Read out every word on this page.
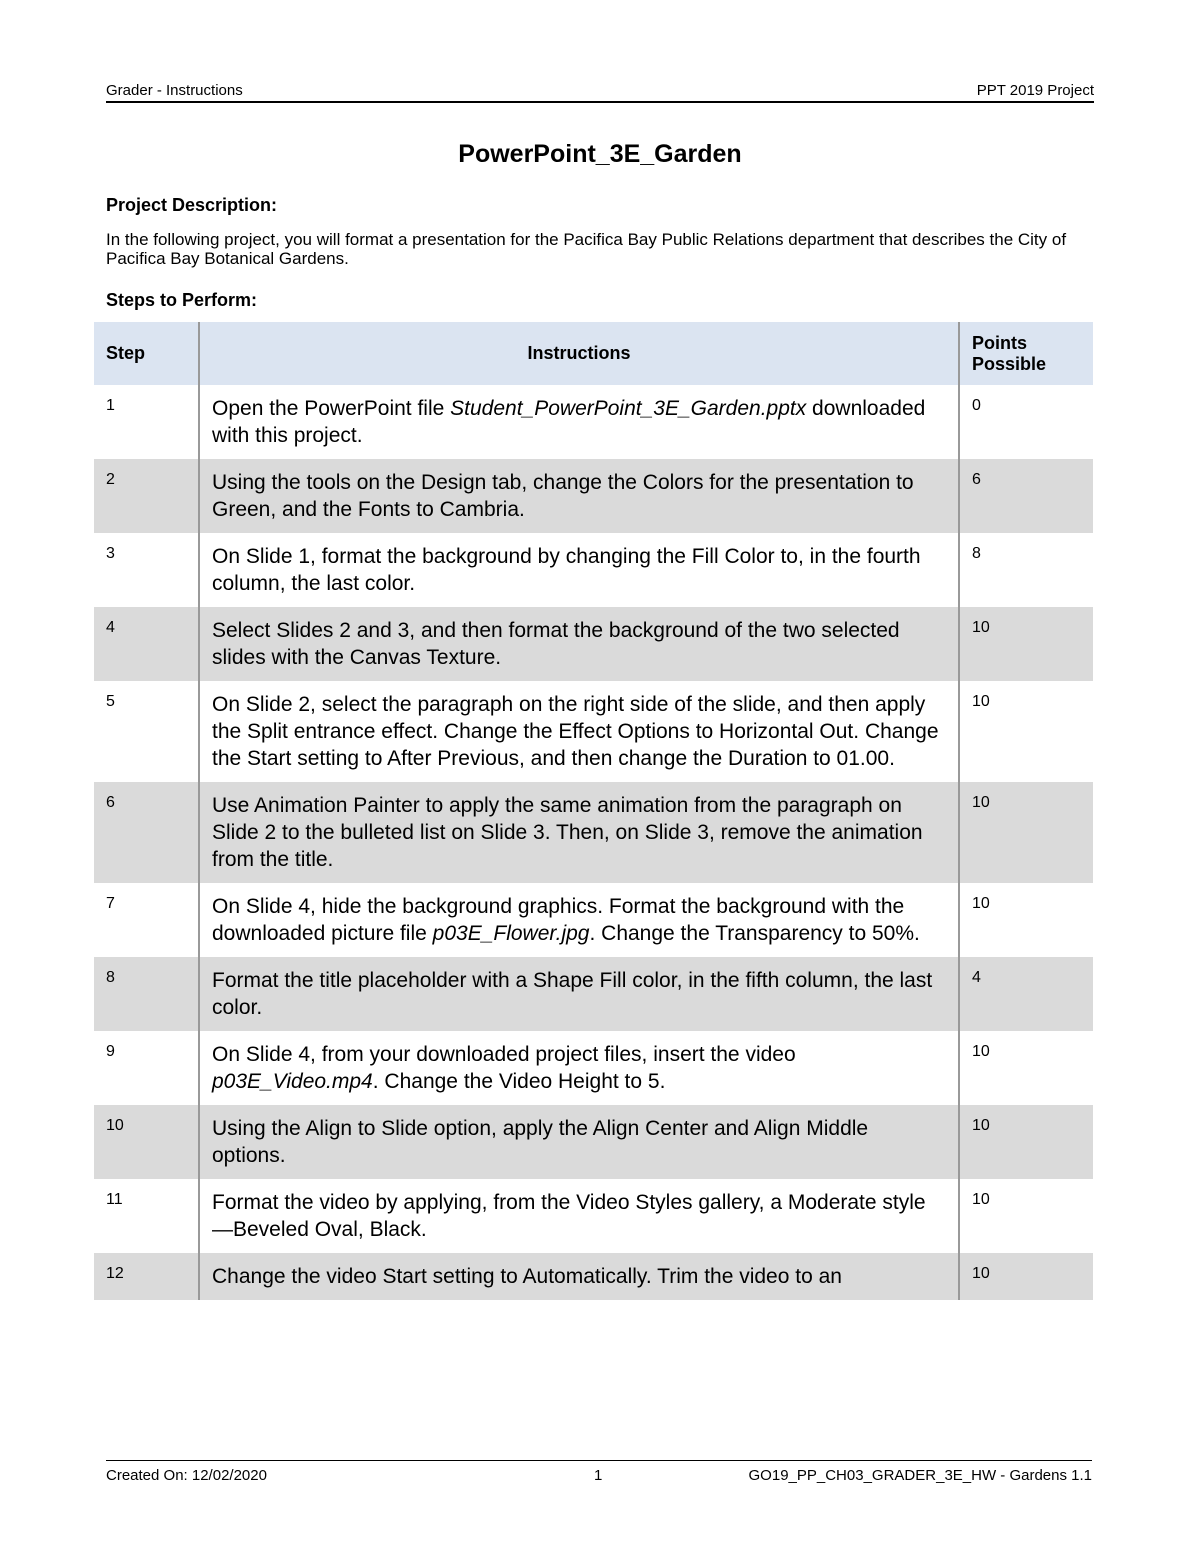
Grader - Instructions	PPT 2019 Project
PowerPoint_3E_Garden
Project Description:
In the following project, you will format a presentation for the Pacifica Bay Public Relations department that describes the City of Pacifica Bay Botanical Gardens.
Steps to Perform:
Step	Instructions	Points Possible
1	Open the PowerPoint file Student_PowerPoint_3E_Garden.pptx downloaded with this project.	0
2	Using the tools on the Design tab, change the Colors for the presentation to Green, and the Fonts to Cambria.	6
3	On Slide 1, format the background by changing the Fill Color to, in the fourth column, the last color.	8
4	Select Slides 2 and 3, and then format the background of the two selected slides with the Canvas Texture.	10
5	On Slide 2, select the paragraph on the right side of the slide, and then apply the Split entrance effect. Change the Effect Options to Horizontal Out. Change the Start setting to After Previous, and then change the Duration to 01.00.	10
6	Use Animation Painter to apply the same animation from the paragraph on Slide 2 to the bulleted list on Slide 3. Then, on Slide 3, remove the animation from the title.	10
7	On Slide 4, hide the background graphics. Format the background with the downloaded picture file p03E_Flower.jpg. Change the Transparency to 50%.	10
8	Format the title placeholder with a Shape Fill color, in the fifth column, the last color.	4
9	On Slide 4, from your downloaded project files, insert the video p03E_Video.mp4. Change the Video Height to 5.	10
10	Using the Align to Slide option, apply the Align Center and Align Middle options.	10
11	Format the video by applying, from the Video Styles gallery, a Moderate style—Beveled Oval, Black.	10
12	Change the video Start setting to Automatically. Trim the video to an	10
Created On: 12/02/2020	1	GO19_PP_CH03_GRADER_3E_HW - Gardens 1.1
